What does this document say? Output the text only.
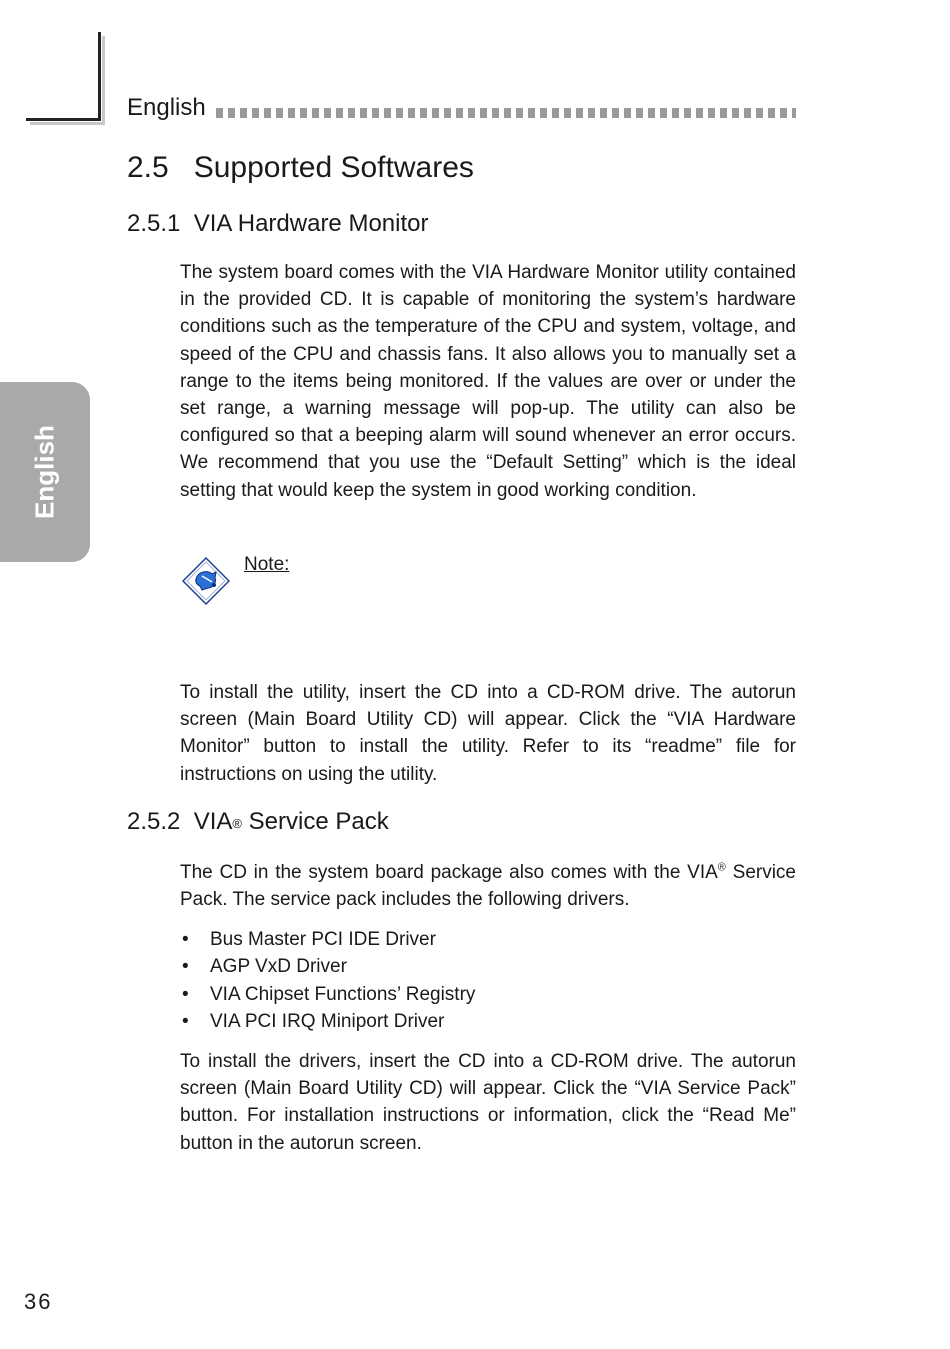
English
English
2.5   Supported Softwares
2.5.1  VIA Hardware Monitor

The system board comes with the VIA Hardware Monitor utility contained in the provided CD. It is capable of monitoring the system’s hardware conditions such as the temperature of the CPU and system, voltage, and speed of the CPU and chassis fans. It also allows you to manually set a range to the items being monitored. If the values are over or under the set range, a warning message will pop-up. The utility can also be configured so that a beeping alarm will sound whenever an error occurs. We recommend that you use the “Default Setting” which is the ideal setting that would keep the system in good working condition.

Note:

To install the utility, insert the CD into a CD-ROM drive. The autorun screen (Main Board Utility CD) will appear. Click the “VIA Hardware Monitor” button to install the utility. Refer to its “readme” file for instructions on using the utility.

2.5.2  VIA® Service Pack

The CD in the system board package also comes with the VIA® Service Pack. The service pack includes the following drivers.

• Bus Master PCI IDE Driver
• AGP VxD Driver
• VIA Chipset Functions’ Registry
• VIA PCI IRQ Miniport Driver

To install the drivers, insert the CD into a CD-ROM drive. The autorun screen (Main Board Utility CD) will appear. Click the “VIA Service Pack” button. For installation instructions or information, click the “Read Me” button in the autorun screen.

36
